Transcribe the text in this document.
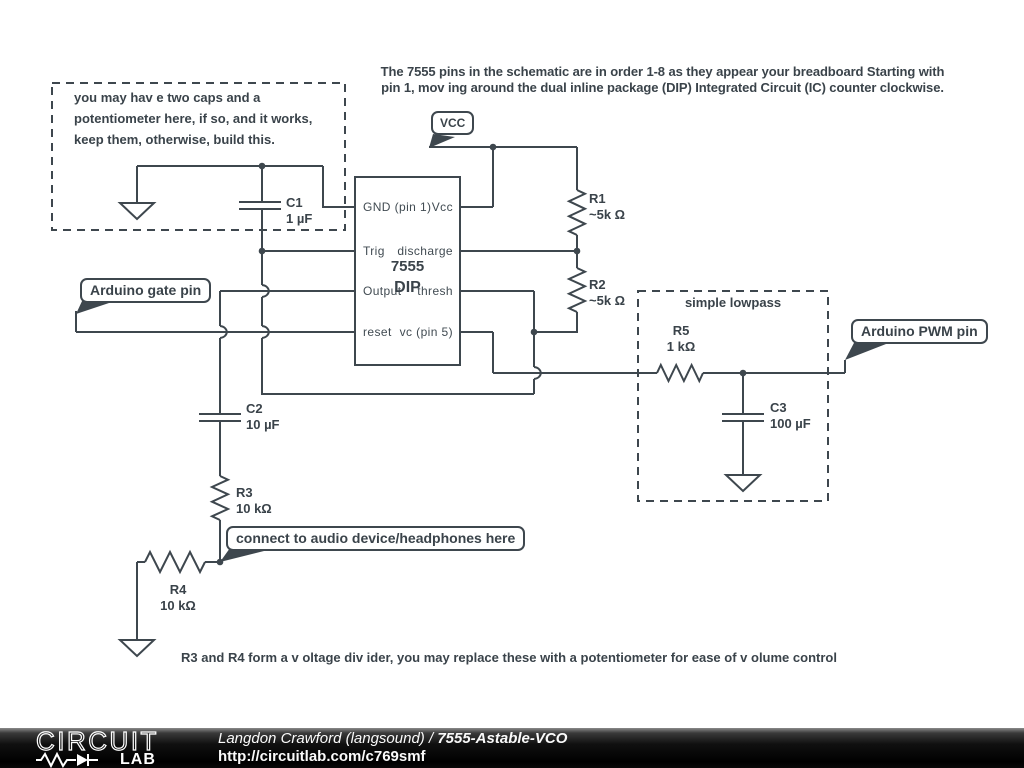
The 7555 pins in the schematic are in order 1-8 as they appear your breadboard Starting with
pin 1, mov ing around the dual inline package (DIP) Integrated Circuit (IC) counter clockwise.
you may hav e two caps and a
potentiometer here, if so, and it works,
keep them, otherwise, build this.
simple lowpass
R3 and R4 form a v oltage div ider, you may replace these with a potentiometer for ease of v olume control
VCC
Arduino gate pin
Arduino PWM pin
connect to audio device/headphones here
GND (pin 1)
Trig
Output
reset
Vcc
discharge
thresh
vc (pin 5)
7555
DIP
C1
1 µF
R1
~5k Ω
R2
~5k Ω
R5
1 kΩ
C3
100 µF
C2
10 µF
R3
10 kΩ
R4
10 kΩ
CIRCUIT
LAB
Langdon Crawford (langsound) / 7555-Astable-VCO
http://circuitlab.com/c769smf
